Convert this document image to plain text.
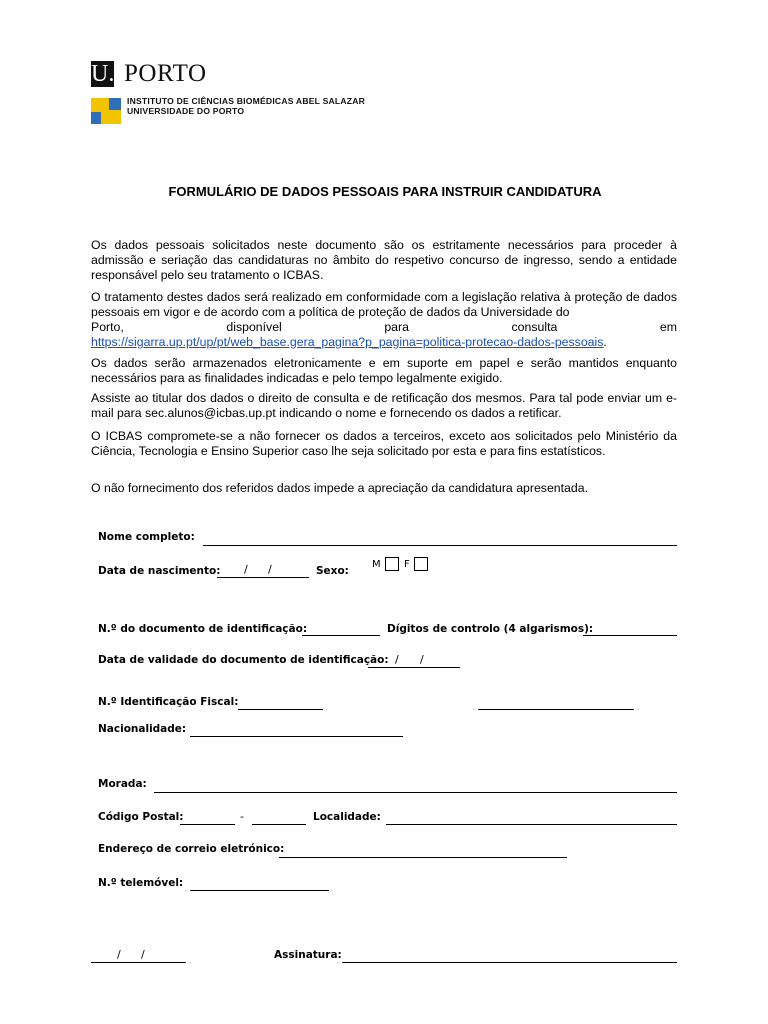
U. PORTO
INSTITUTO DE CIÊNCIAS BIOMÉDICAS ABEL SALAZAR
UNIVERSIDADE DO PORTO
FORMULÁRIO DE DADOS PESSOAIS PARA INSTRUIR CANDIDATURA

Os dados pessoais solicitados neste documento são os estritamente necessários para proceder à admissão e seriação das candidaturas no âmbito do respetivo concurso de ingresso, sendo a entidade responsável pelo seu tratamento o ICBAS.

O tratamento destes dados será realizado em conformidade com a legislação relativa à proteção de dados pessoais em vigor e de acordo com a política de proteção de dados da Universidade do
Porto, disponível para consulta em
https://sigarra.up.pt/up/pt/web_base.gera_pagina?p_pagina=politica-protecao-dados-pessoais.

Os dados serão armazenados eletronicamente e em suporte em papel e serão mantidos enquanto necessários para as finalidades indicadas e pelo tempo legalmente exigido.

Assiste ao titular dos dados o direito de consulta e de retificação dos mesmos. Para tal pode enviar um e-mail para sec.alunos@icbas.up.pt indicando o nome e fornecendo os dados a retificar.

O ICBAS compromete-se a não fornecer os dados a terceiros, exceto aos solicitados pelo Ministério da Ciência, Tecnologia e Ensino Superior caso lhe seja solicitado por esta e para fins estatísticos.

O não fornecimento dos referidos dados impede a apreciação da candidatura apresentada.

Nome completo:
Data de nascimento: / /	Sexo:
M F
N.º do documento de identificação:	Dígitos de controlo (4 algarismos):
Data de validade do documento de identificação: / /
N.º Identificação Fiscal:
Nacionalidade:
Morada:
Código Postal:	-	Localidade:
Endereço de correio eletrónico:
N.º telemóvel:
/ /	Assinatura:
